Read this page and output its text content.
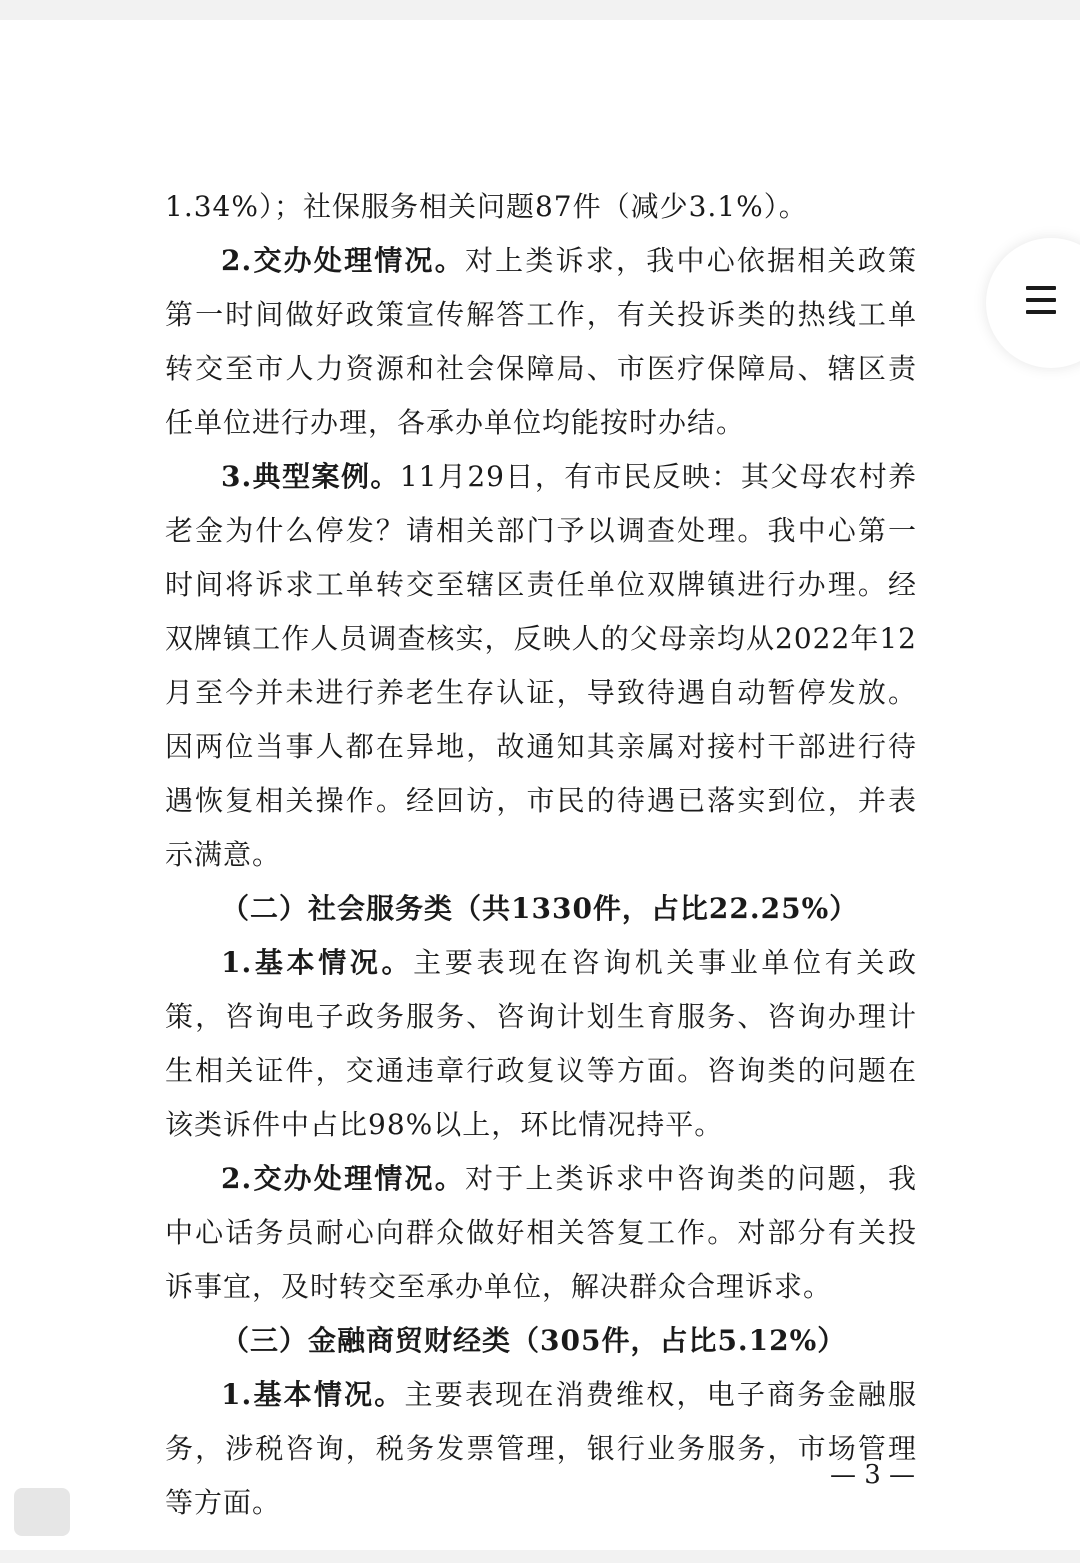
1.34%）；社保服务相关问题87件（减少3.1%）。

2.交办处理情况。对上类诉求，我中心依据相关政策第一时间做好政策宣传解答工作，有关投诉类的热线工单转交至市人力资源和社会保障局、市医疗保障局、辖区责任单位进行办理，各承办单位均能按时办结。

3.典型案例。11月29日，有市民反映：其父母农村养老金为什么停发？请相关部门予以调查处理。我中心第一时间将诉求工单转交至辖区责任单位双牌镇进行办理。经双牌镇工作人员调查核实，反映人的父母亲均从2022年12月至今并未进行养老生存认证，导致待遇自动暂停发放。因两位当事人都在异地，故通知其亲属对接村干部进行待遇恢复相关操作。经回访，市民的待遇已落实到位，并表示满意。

（二）社会服务类（共1330件，占比22.25%）

1.基本情况。主要表现在咨询机关事业单位有关政策，咨询电子政务服务、咨询计划生育服务、咨询办理计生相关证件，交通违章行政复议等方面。咨询类的问题在该类诉件中占比98%以上，环比情况持平。

2.交办处理情况。对于上类诉求中咨询类的问题，我中心话务员耐心向群众做好相关答复工作。对部分有关投诉事宜，及时转交至承办单位，解决群众合理诉求。

（三）金融商贸财经类（305件，占比5.12%）

1.基本情况。主要表现在消费维权，电子商务金融服务，涉税咨询，税务发票管理，银行业务服务，市场管理等方面。

— 3 —
